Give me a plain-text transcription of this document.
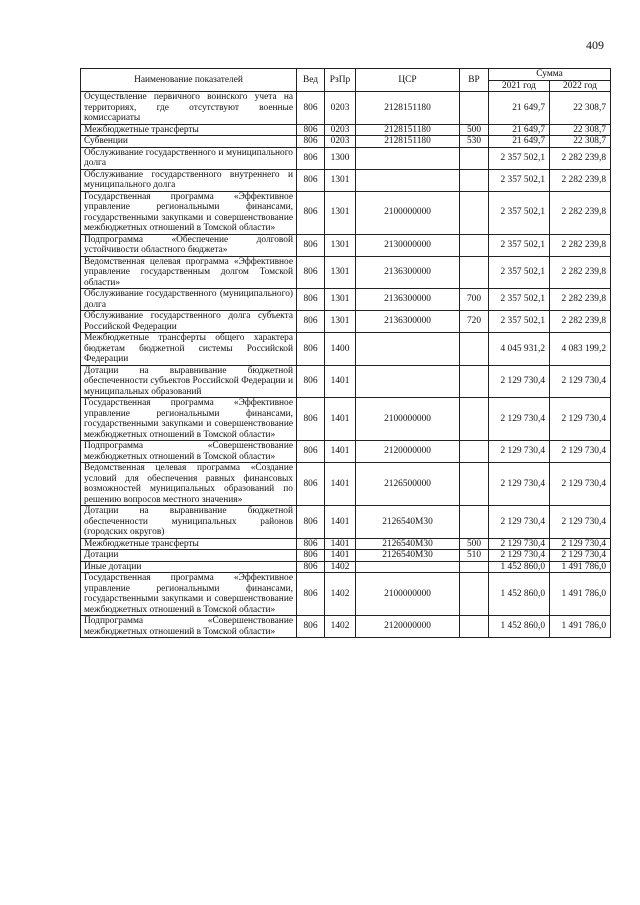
409
Наименование показателей	Вед	РзПр	ЦСР	ВР	Сумма	
					2021 год	2022 год
Осуществление первичного воинского учета на территориях, где отсутствуют военные комиссариаты	806	0203	2128151180		21 649,7	22 308,7
Межбюджетные трансферты	806	0203	2128151180	500	21 649,7	22 308,7
Субвенции	806	0203	2128151180	530	21 649,7	22 308,7
Обслуживание государственного и муниципального долга	806	1300			2 357 502,1	2 282 239,8
Обслуживание государственного внутреннего и муниципального долга	806	1301			2 357 502,1	2 282 239,8
Государственная программа «Эффективное управление региональными финансами, государственными закупками и совершенствование межбюджетных отношений в Томской области»	806	1301	2100000000		2 357 502,1	2 282 239,8
Подпрограмма «Обеспечение долговой устойчивости областного бюджета»	806	1301	2130000000		2 357 502,1	2 282 239,8
Ведомственная целевая программа «Эффективное управление государственным долгом Томской области»	806	1301	2136300000		2 357 502,1	2 282 239,8
Обслуживание государственного (муниципального) долга	806	1301	2136300000	700	2 357 502,1	2 282 239,8
Обслуживание государственного долга субъекта Российской Федерации	806	1301	2136300000	720	2 357 502,1	2 282 239,8
Межбюджетные трансферты общего характера бюджетам бюджетной системы Российской Федерации	806	1400			4 045 931,2	4 083 199,2
Дотации на выравнивание бюджетной обеспеченности субъектов Российской Федерации и муниципальных образований	806	1401			2 129 730,4	2 129 730,4
Государственная программа «Эффективное управление региональными финансами, государственными закупками и совершенствование межбюджетных отношений в Томской области»	806	1401	2100000000		2 129 730,4	2 129 730,4
Подпрограмма «Совершенствование межбюджетных отношений в Томской области»	806	1401	2120000000		2 129 730,4	2 129 730,4
Ведомственная целевая программа «Создание условий для обеспечения равных финансовых возможностей муниципальных образований по решению вопросов местного значения»	806	1401	2126500000		2 129 730,4	2 129 730,4
Дотации на выравнивание бюджетной обеспеченности муниципальных районов (городских округов)	806	1401	2126540М30		2 129 730,4	2 129 730,4
Межбюджетные трансферты	806	1401	2126540М30	500	2 129 730,4	2 129 730,4
Дотации	806	1401	2126540М30	510	2 129 730,4	2 129 730,4
Иные дотации	806	1402			1 452 860,0	1 491 786,0
Государственная программа «Эффективное управление региональными финансами, государственными закупками и совершенствование межбюджетных отношений в Томской области»	806	1402	2100000000		1 452 860,0	1 491 786,0
Подпрограмма «Совершенствование межбюджетных отношений в Томской области»	806	1402	2120000000		1 452 860,0	1 491 786,0
